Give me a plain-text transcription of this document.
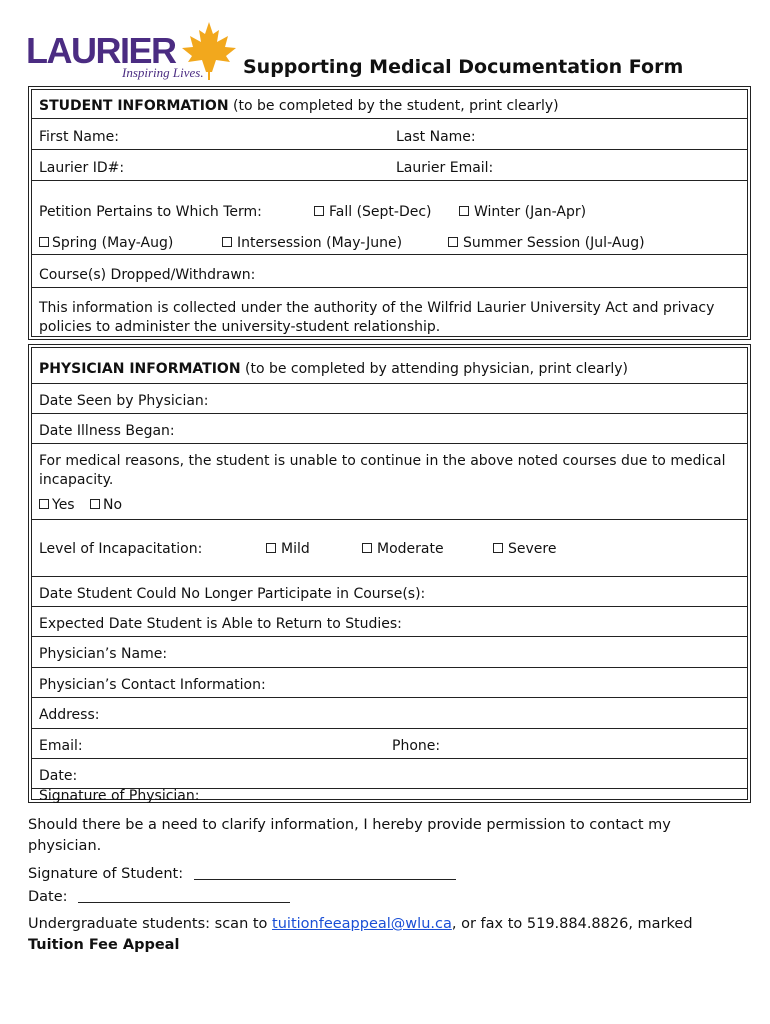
LAURIER
Inspiring Lives. Supporting Medical Documentation Form
STUDENT INFORMATION (to be completed by the student, print clearly)
First Name:	Last Name:
Laurier ID#:	Laurier Email:
Petition Pertains to Which Term:	Fall (Sept-Dec)	Winter (Jan-Apr)
Spring (May-Aug)	Intersession (May-June)	Summer Session (Jul-Aug)
Course(s) Dropped/Withdrawn:
This information is collected under the authority of the Wilfrid Laurier University Act and privacy policies to administer the university-student relationship.
PHYSICIAN INFORMATION (to be completed by attending physician, print clearly)
Date Seen by Physician:
Date Illness Began:
For medical reasons, the student is unable to continue in the above noted courses due to medical incapacity.
Yes	No
Level of Incapacitation:	Mild	Moderate	Severe
Date Student Could No Longer Participate in Course(s):
Expected Date Student is Able to Return to Studies:
Physician’s Name:
Physician’s Contact Information:
Address:
Email:	Phone:
Date:
Signature of Physician:
Should there be a need to clarify information, I hereby provide permission to contact my physician.
Signature of Student:
Date:
Undergraduate students: scan to tuitionfeeappeal@wlu.ca, or fax to 519.884.8826, marked
Tuition Fee Appeal
